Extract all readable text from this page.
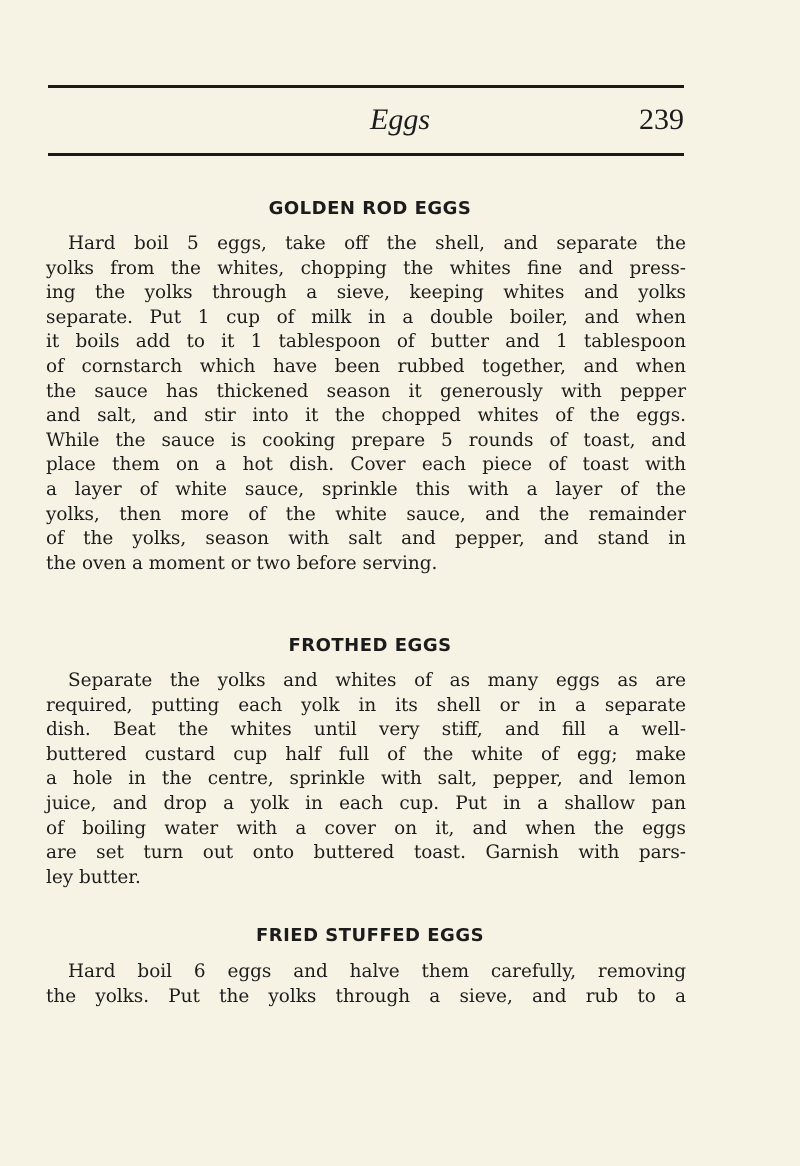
Eggs	239
GOLDEN ROD EGGS
Hard boil 5 eggs, take off the shell, and separate the
yolks from the whites, chopping the whites fine and press-
ing the yolks through a sieve, keeping whites and yolks
separate. Put 1 cup of milk in a double boiler, and when
it boils add to it 1 tablespoon of butter and 1 tablespoon
of cornstarch which have been rubbed together, and when
the sauce has thickened season it generously with pepper
and salt, and stir into it the chopped whites of the eggs.
While the sauce is cooking prepare 5 rounds of toast, and
place them on a hot dish. Cover each piece of toast with
a layer of white sauce, sprinkle this with a layer of the
yolks, then more of the white sauce, and the remainder
of the yolks, season with salt and pepper, and stand in
the oven a moment or two before serving.
FROTHED EGGS
Separate the yolks and whites of as many eggs as are
required, putting each yolk in its shell or in a separate
dish. Beat the whites until very stiff, and fill a well-
buttered custard cup half full of the white of egg; make
a hole in the centre, sprinkle with salt, pepper, and lemon
juice, and drop a yolk in each cup. Put in a shallow pan
of boiling water with a cover on it, and when the eggs
are set turn out onto buttered toast. Garnish with pars-
ley butter.
FRIED STUFFED EGGS
Hard boil 6 eggs and halve them carefully, removing
the yolks. Put the yolks through a sieve, and rub to a
